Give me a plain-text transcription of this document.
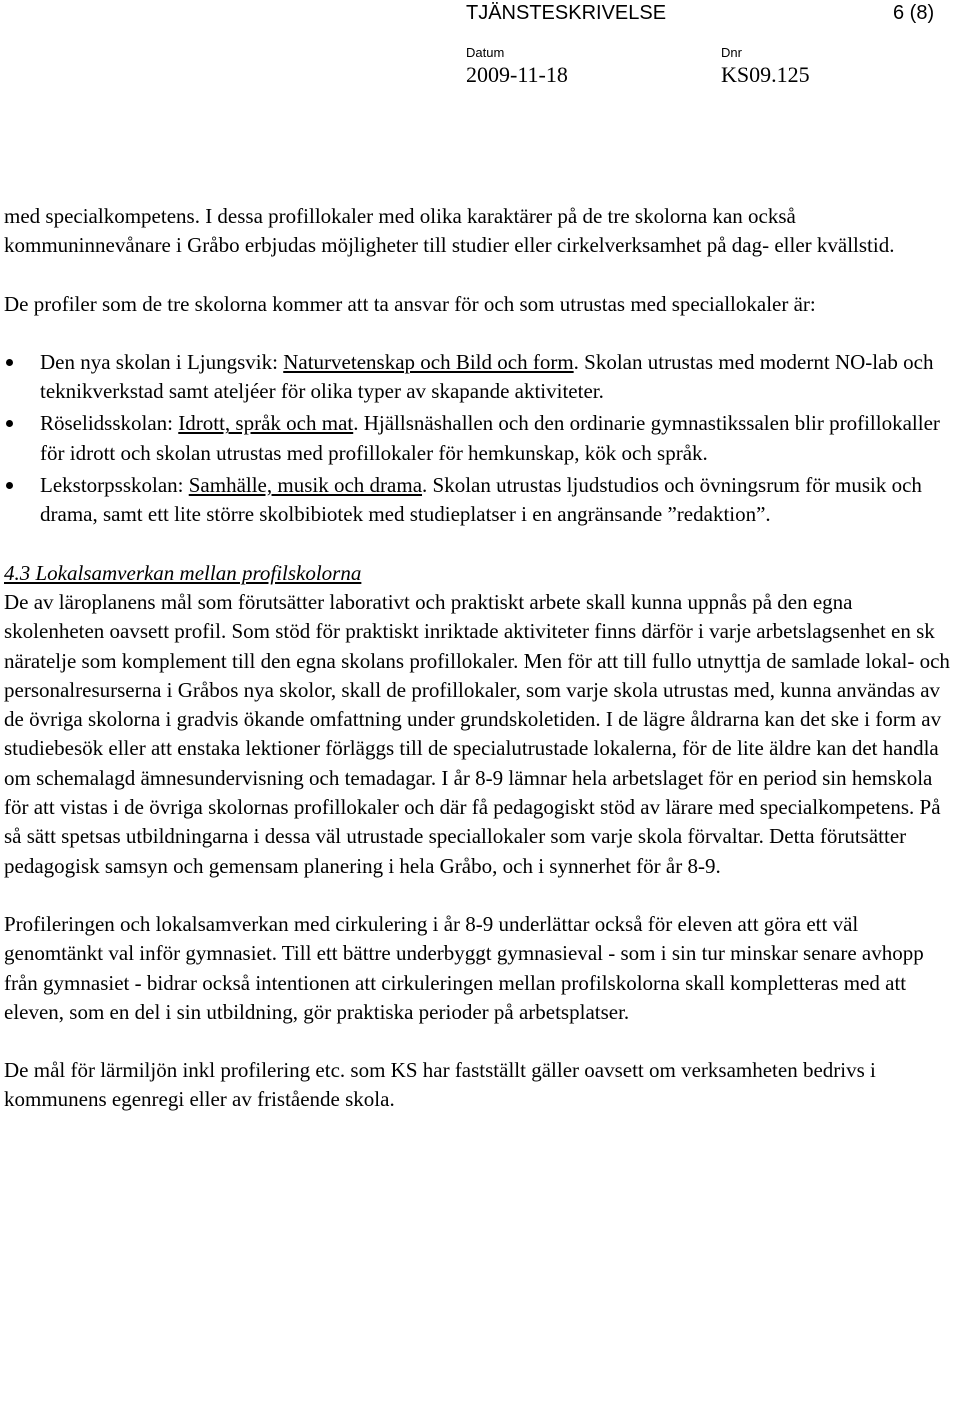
TJÄNSTESKRIVELSE	6 (8)
Datum
2009-11-18
Dnr
KS09.125

med specialkompetens. I dessa profillokaler med olika karaktärer på de tre skolorna kan också kommuninnevånare i Gråbo erbjudas möjligheter till studier eller cirkelverksamhet på dag- eller kvällstid.

De profiler som de tre skolorna kommer att ta ansvar för och som utrustas med speciallokaler är:

Den nya skolan i Ljungsvik: Naturvetenskap och Bild och form. Skolan utrustas med modernt NO-lab och teknikverkstad samt ateljéer för olika typer av skapande aktiviteter.
Röselidsskolan: Idrott, språk och mat. Hjällsnäshallen och den ordinarie gymnastikssalen blir profillokaller för idrott och skolan utrustas med profillokaler för hemkunskap, kök och språk.
Lekstorpsskolan: Samhälle, musik och drama. Skolan utrustas ljudstudios och övningsrum för musik och drama, samt ett lite större skolbibiotek med studieplatser i en angränsande ”redaktion”.

4.3 Lokalsamverkan mellan profilskolorna

De av läroplanens mål som förutsätter laborativt och praktiskt arbete skall kunna uppnås på den egna skolenheten oavsett profil. Som stöd för praktiskt inriktade aktiviteter finns därför i varje arbetslagsenhet en sk näratelje som komplement till den egna skolans profillokaler. Men för att till fullo utnyttja de samlade lokal- och personalresurserna i Gråbos nya skolor, skall de profillokaler, som varje skola utrustas med, kunna användas av de övriga skolorna i gradvis ökande omfattning under grundskoletiden. I de lägre åldrarna kan det ske i form av studiebesök eller att enstaka lektioner förläggs till de specialutrustade lokalerna, för de lite äldre kan det handla om schemalagd ämnesundervisning och temadagar. I år 8-9 lämnar hela arbetslaget för en period sin hemskola för att vistas i de övriga skolornas profillokaler och där få pedagogiskt stöd av lärare med specialkompetens. På så sätt spetsas utbildningarna i dessa väl utrustade speciallokaler som varje skola förvaltar. Detta förutsätter pedagogisk samsyn och gemensam planering i hela Gråbo, och i synnerhet för år 8-9.

Profileringen och lokalsamverkan med cirkulering i år 8-9 underlättar också för eleven att göra ett väl genomtänkt val inför gymnasiet. Till ett bättre underbyggt gymnasieval - som i sin tur minskar senare avhopp från gymnasiet - bidrar också intentionen att cirkuleringen mellan profilskolorna skall kompletteras med att eleven, som en del i sin utbildning, gör praktiska perioder på arbetsplatser.

De mål för lärmiljön inkl profilering etc. som KS har fastställt gäller oavsett om verksamheten bedrivs i kommunens egenregi eller av fristående skola.
